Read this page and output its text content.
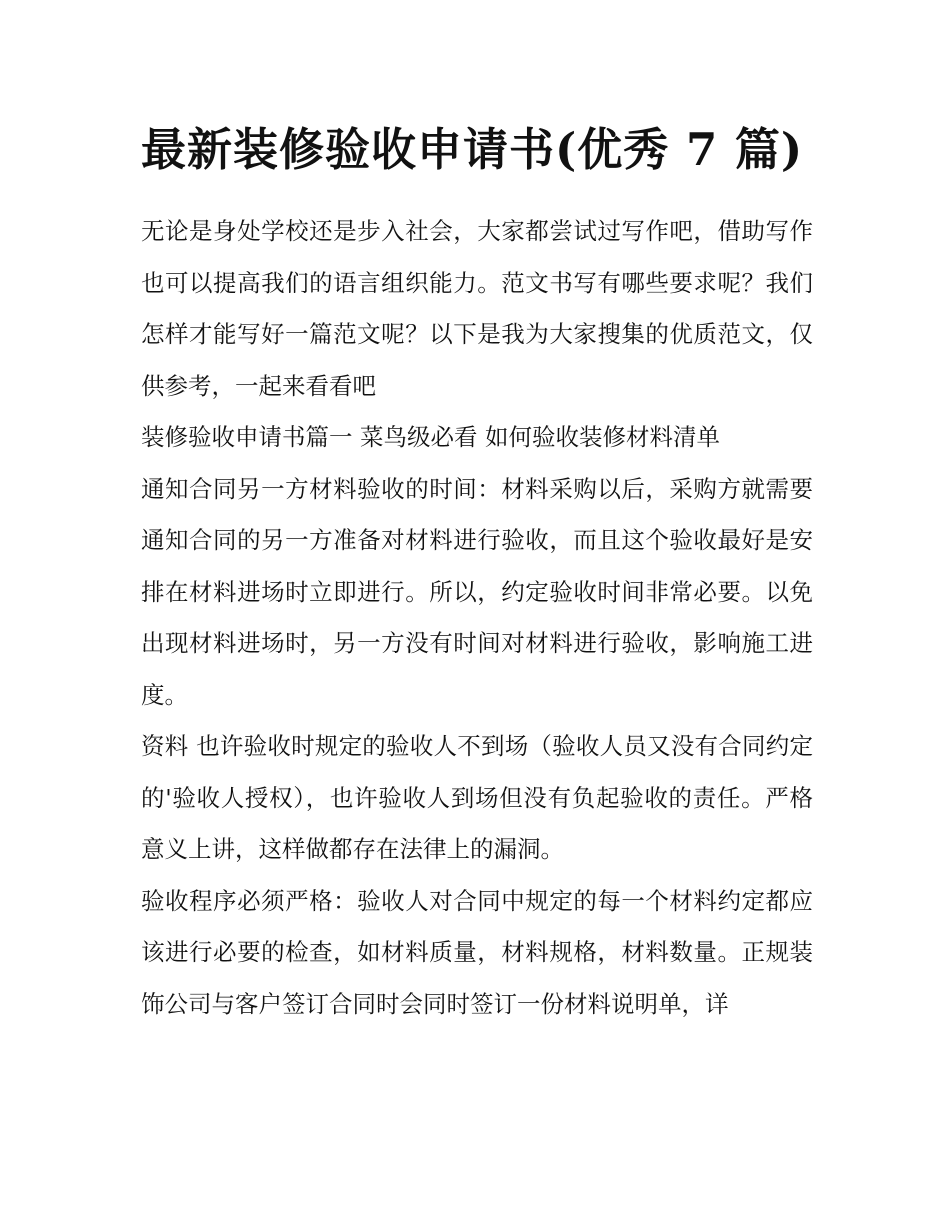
最新装修验收申请书(优秀 7 篇)

无论是身处学校还是步入社会，大家都尝试过写作吧，借助写作也可以提高我们的语言组织能力。范文书写有哪些要求呢？我们怎样才能写好一篇范文呢？以下是我为大家搜集的优质范文，仅供参考，一起来看看吧

装修验收申请书篇一 菜鸟级必看 如何验收装修材料清单

通知合同另一方材料验收的时间：材料采购以后，采购方就需要通知合同的另一方准备对材料进行验收，而且这个验收最好是安排在材料进场时立即进行。所以，约定验收时间非常必要。以免出现材料进场时，另一方没有时间对材料进行验收，影响施工进度。

资料 也许验收时规定的验收人不到场（验收人员又没有合同约定的'验收人授权），也许验收人到场但没有负起验收的责任。严格意义上讲，这样做都存在法律上的漏洞。

验收程序必须严格：验收人对合同中规定的每一个材料约定都应该进行必要的检查，如材料质量，材料规格，材料数量。正规装饰公司与客户签订合同时会同时签订一份材料说明单，详
